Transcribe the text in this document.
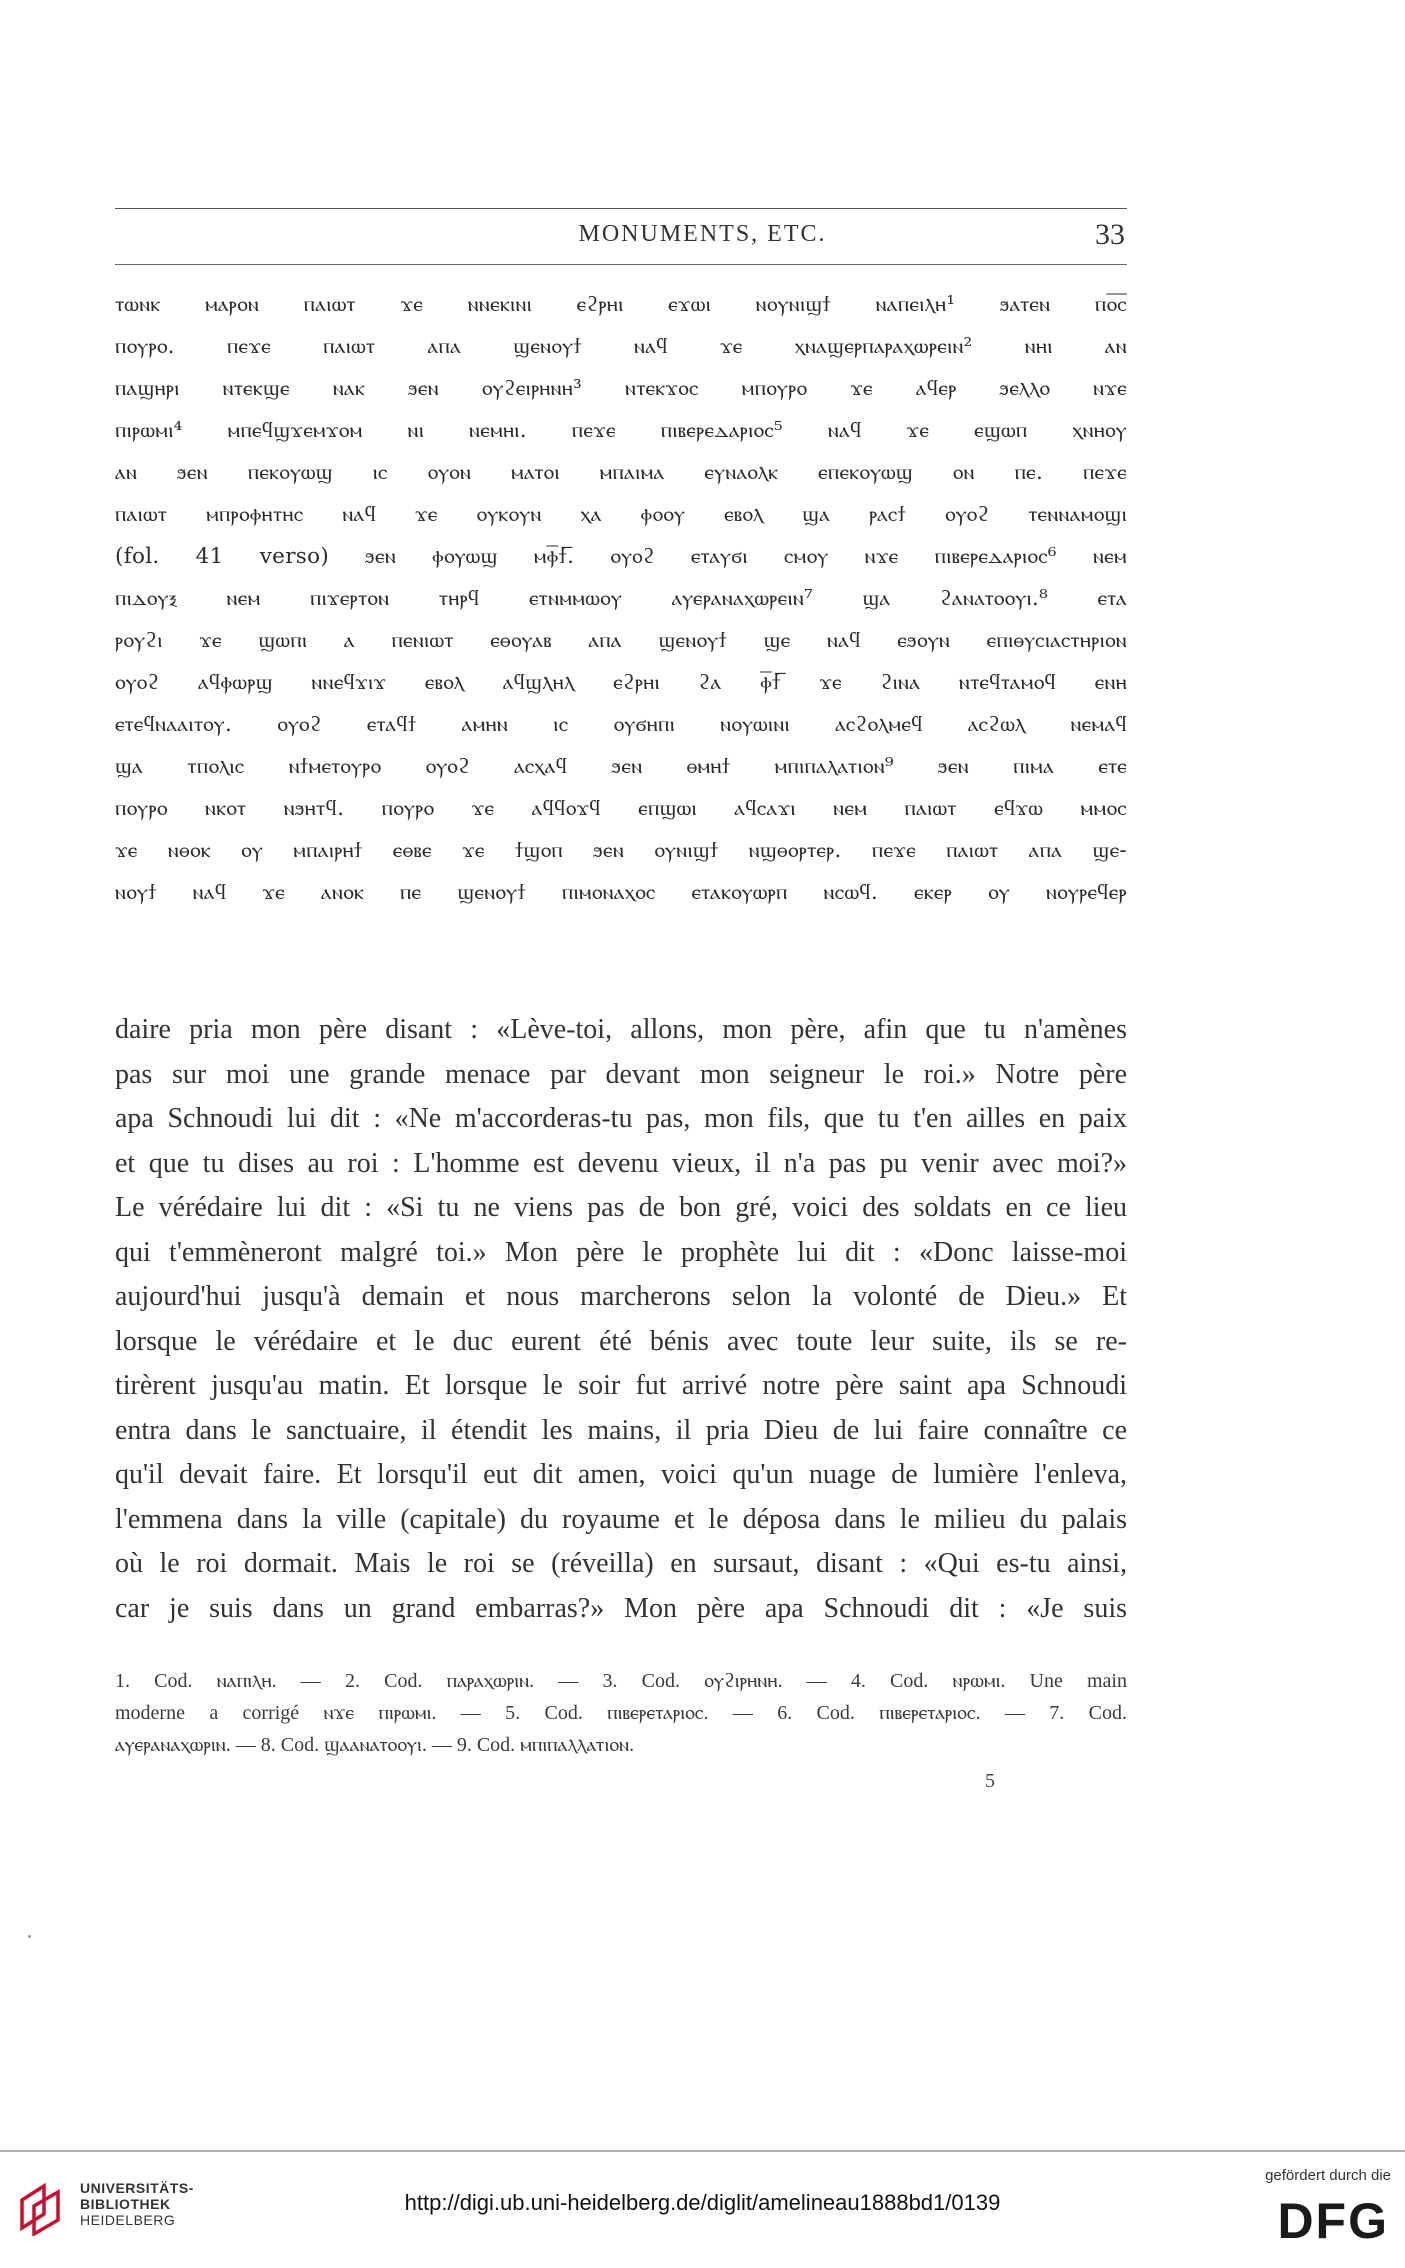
MONUMENTS, ETC.	33
ⲧⲱⲛⲕ ⲙⲁⲣⲟⲛ ⲡⲁⲓⲱⲧ ϫⲉ ⲛⲛⲉⲕⲓⲛⲓ ⲉϩⲣⲏⲓ ⲉϫⲱⲓ ⲛⲟⲩⲛⲓϣϯ ⲛⲁⲡⲉⲓⲗⲏ¹ ϧⲁⲧⲉⲛ ⲡⲟ̅ⲥ̅
ⲡⲟⲩⲣⲟ. ⲡⲉϫⲉ ⲡⲁⲓⲱⲧ ⲁⲡⲁ ϣⲉⲛⲟⲩϯ ⲛⲁϥ ϫⲉ ⲭⲛⲁϣⲉⲣⲡⲁⲣⲁⲭⲱⲣⲉⲓⲛ² ⲛⲏⲓ ⲁⲛ
ⲡⲁϣⲏⲣⲓ ⲛⲧⲉⲕϣⲉ ⲛⲁⲕ ϧⲉⲛ ⲟⲩϩⲉⲓⲣⲏⲛⲏ³ ⲛⲧⲉⲕϫⲟⲥ ⲙⲡⲟⲩⲣⲟ ϫⲉ ⲁϥⲉⲣ ϧⲉⲗⲗⲟ ⲛϫⲉ
ⲡⲓⲣⲱⲙⲓ⁴ ⲙⲡⲉϥϣϫⲉⲙϫⲟⲙ ⲛⲓ ⲛⲉⲙⲏⲓ. ⲡⲉϫⲉ ⲡⲓⲃⲉⲣⲉⲇⲁⲣⲓⲟⲥ⁵ ⲛⲁϥ ϫⲉ ⲉϣⲱⲡ ⲭⲛⲏⲟⲩ
ⲁⲛ ϧⲉⲛ ⲡⲉⲕⲟⲩⲱϣ ⲓⲥ ⲟⲩⲟⲛ ⲙⲁⲧⲟⲓ ⲙⲡⲁⲓⲙⲁ ⲉⲩⲛⲁⲟⲗⲕ ⲉⲡⲉⲕⲟⲩⲱϣ ⲟⲛ ⲡⲉ. ⲡⲉϫⲉ
ⲡⲁⲓⲱⲧ ⲙⲡⲣⲟⲫⲏⲧⲏⲥ ⲛⲁϥ ϫⲉ ⲟⲩⲕⲟⲩⲛ ⲭⲁ ⲫⲟⲟⲩ ⲉⲃⲟⲗ ϣⲁ ⲣⲁⲥϯ ⲟⲩⲟϩ ⲧⲉⲛⲛⲁⲙⲟϣⲓ
(fol. 41 verso) ϧⲉⲛ ⲫⲟⲩⲱϣ ⲙⲫ̅ϯ̅. ⲟⲩⲟϩ ⲉⲧⲁⲩϭⲓ ⲥⲙⲟⲩ ⲛϫⲉ ⲡⲓⲃⲉⲣⲉⲇⲁⲣⲓⲟⲥ⁶ ⲛⲉⲙ
ⲡⲓⲇⲟⲩⲝ ⲛⲉⲙ ⲡⲓϫⲉⲣⲧⲟⲛ ⲧⲏⲣϥ ⲉⲧⲛⲙⲙⲱⲟⲩ ⲁⲩⲉⲣⲁⲛⲁⲭⲱⲣⲉⲓⲛ⁷ ϣⲁ ϩⲁⲛⲁⲧⲟⲟⲩⲓ.⁸ ⲉⲧⲁ
ⲣⲟⲩϩⲓ ϫⲉ ϣⲱⲡⲓ ⲁ ⲡⲉⲛⲓⲱⲧ ⲉⲑⲟⲩⲁⲃ ⲁⲡⲁ ϣⲉⲛⲟⲩϯ ϣⲉ ⲛⲁϥ ⲉϧⲟⲩⲛ ⲉⲡⲓⲑⲩⲥⲓⲁⲥⲧⲏⲣⲓⲟⲛ
ⲟⲩⲟϩ ⲁϥⲫⲱⲣϣ ⲛⲛⲉϥϫⲓϫ ⲉⲃⲟⲗ ⲁϥϣⲗⲏⲗ ⲉϩⲣⲏⲓ ϩⲁ ⲫ̅ϯ̅ ϫⲉ ϩⲓⲛⲁ ⲛⲧⲉϥⲧⲁⲙⲟϥ ⲉⲛⲏ
ⲉⲧⲉϥⲛⲁⲁⲓⲧⲟⲩ. ⲟⲩⲟϩ ⲉⲧⲁϥϯ ⲁⲙⲏⲛ ⲓⲥ ⲟⲩϭⲏⲡⲓ ⲛⲟⲩⲱⲓⲛⲓ ⲁⲥϩⲟⲗⲙⲉϥ ⲁⲥϩⲱⲗ ⲛⲉⲙⲁϥ
ϣⲁ ⲧⲡⲟⲗⲓⲥ ⲛϯⲙⲉⲧⲟⲩⲣⲟ ⲟⲩⲟϩ ⲁⲥⲭⲁϥ ϧⲉⲛ ⲑⲙⲏϯ ⲙⲡⲓⲡⲁⲗⲁⲧⲓⲟⲛ⁹ ϧⲉⲛ ⲡⲓⲙⲁ ⲉⲧⲉ
ⲡⲟⲩⲣⲟ ⲛⲕⲟⲧ ⲛϧⲏⲧϥ. ⲡⲟⲩⲣⲟ ϫⲉ ⲁϥϥⲟϫϥ ⲉⲡϣⲱⲓ ⲁϥⲥⲁϫⲓ ⲛⲉⲙ ⲡⲁⲓⲱⲧ ⲉϥϫⲱ ⲙⲙⲟⲥ
ϫⲉ ⲛⲑⲟⲕ ⲟⲩ ⲙⲡⲁⲓⲣⲏϯ ⲉⲑⲃⲉ ϫⲉ ϯϣⲟⲡ ϧⲉⲛ ⲟⲩⲛⲓϣϯ ⲛϣⲑⲟⲣⲧⲉⲣ. ⲡⲉϫⲉ ⲡⲁⲓⲱⲧ ⲁⲡⲁ ϣⲉ-
ⲛⲟⲩϯ ⲛⲁϥ ϫⲉ ⲁⲛⲟⲕ ⲡⲉ ϣⲉⲛⲟⲩϯ ⲡⲓⲙⲟⲛⲁⲭⲟⲥ ⲉⲧⲁⲕⲟⲩⲱⲣⲡ ⲛⲥⲱϥ. ⲉⲕⲉⲣ ⲟⲩ ⲛⲟⲩⲣⲉϥⲉⲣ
daire pria mon père disant : «Lève-toi, allons, mon père, afin que tu n'amènes
pas sur moi une grande menace par devant mon seigneur le roi.» Notre père
apa Schnoudi lui dit : «Ne m'accorderas-tu pas, mon fils, que tu t'en ailles en paix
et que tu dises au roi : L'homme est devenu vieux, il n'a pas pu venir avec moi?»
Le vérédaire lui dit : «Si tu ne viens pas de bon gré, voici des soldats en ce lieu
qui t'emmèneront malgré toi.» Mon père le prophète lui dit : «Donc laisse-moi
aujourd'hui jusqu'à demain et nous marcherons selon la volonté de Dieu.» Et
lorsque le vérédaire et le duc eurent été bénis avec toute leur suite, ils se re-
tirèrent jusqu'au matin. Et lorsque le soir fut arrivé notre père saint apa Schnoudi
entra dans le sanctuaire, il étendit les mains, il pria Dieu de lui faire connaître ce
qu'il devait faire. Et lorsqu'il eut dit amen, voici qu'un nuage de lumière l'enleva,
l'emmena dans la ville (capitale) du royaume et le déposa dans le milieu du palais
où le roi dormait. Mais le roi se (réveilla) en sursaut, disant : «Qui es-tu ainsi,
car je suis dans un grand embarras?» Mon père apa Schnoudi dit : «Je suis
1. Cod. ⲛⲁⲡⲓⲗⲏ. — 2. Cod. ⲡⲁⲣⲁⲭⲱⲣⲓⲛ. — 3. Cod. ⲟⲩϩⲓⲣⲏⲛⲏ. — 4. Cod. ⲛⲣⲱⲙⲓ. Une main
moderne a corrigé ⲛϫⲉ ⲡⲓⲣⲱⲙⲓ. — 5. Cod. ⲡⲓⲃⲉⲣⲉⲧⲁⲣⲓⲟⲥ. — 6. Cod. ⲡⲓⲃⲉⲣⲉⲧⲁⲣⲓⲟⲥ. — 7. Cod.
ⲁⲩⲉⲣⲁⲛⲁⲭⲱⲣⲓⲛ. — 8. Cod. ϣⲁⲁⲛⲁⲧⲟⲟⲩⲓ. — 9. Cod. ⲙⲡⲓⲡⲁⲗⲗⲁⲧⲓⲟⲛ.
5
UNIVERSITÄTS-
BIBLIOTHEK
HEIDELBERG
http://digi.ub.uni-heidelberg.de/diglit/amelineau1888bd1/0139
gefördert durch die
DFG
